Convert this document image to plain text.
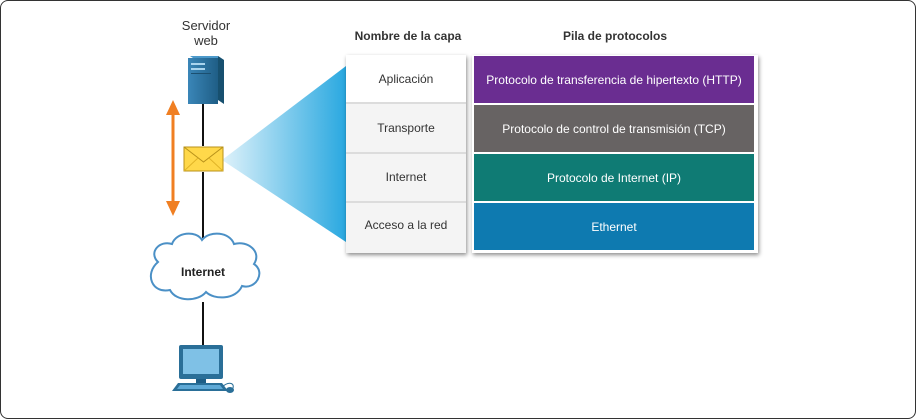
Servidor
web
Internet
Nombre de la capa	Pila de protocolos
Aplicación
Transporte
Internet
Acceso a la red
Protocolo de transferencia de hipertexto (HTTP)
Protocolo de control de transmisión (TCP)
Protocolo de Internet (IP)
Ethernet
